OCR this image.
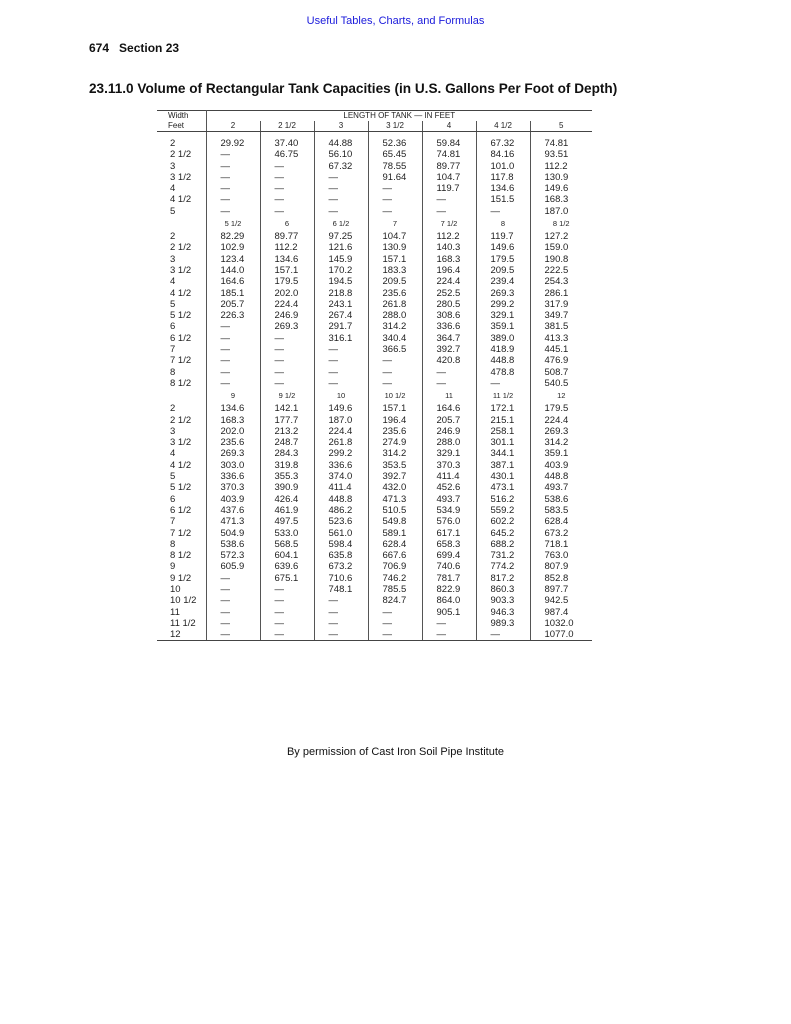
Useful Tables, Charts, and Formulas
674 Section 23
23.11.0 Volume of Rectangular Tank Capacities (in U.S. Gallons Per Foot of Depth)
Width	LENGTH OF TANK — IN FEET						
Feet	2	2 1/2	3	3 1/2	4	4 1/2	5

2	29.92	37.40	44.88	52.36	59.84	67.32	74.81
2 1/2	—	46.75	56.10	65.45	74.81	84.16	93.51
3	—	—	67.32	78.55	89.77	101.0	112.2
3 1/2	—	—	—	91.64	104.7	117.8	130.9
4	—	—	—	—	119.7	134.6	149.6
4 1/2	—	—	—	—	—	151.5	168.3
5	—	—	—	—	—	—	187.0
	5 1/2	6	6 1/2	7	7 1/2	8	8 1/2
2	82.29	89.77	97.25	104.7	112.2	119.7	127.2
2 1/2	102.9	112.2	121.6	130.9	140.3	149.6	159.0
3	123.4	134.6	145.9	157.1	168.3	179.5	190.8
3 1/2	144.0	157.1	170.2	183.3	196.4	209.5	222.5
4	164.6	179.5	194.5	209.5	224.4	239.4	254.3
4 1/2	185.1	202.0	218.8	235.6	252.5	269.3	286.1
5	205.7	224.4	243.1	261.8	280.5	299.2	317.9
5 1/2	226.3	246.9	267.4	288.0	308.6	329.1	349.7
6	—	269.3	291.7	314.2	336.6	359.1	381.5
6 1/2	—	—	316.1	340.4	364.7	389.0	413.3
7	—	—	—	366.5	392.7	418.9	445.1
7 1/2	—	—	—	—	420.8	448.8	476.9
8	—	—	—	—	—	478.8	508.7
8 1/2	—	—	—	—	—	—	540.5
	9	9 1/2	10	10 1/2	11	11 1/2	12
2	134.6	142.1	149.6	157.1	164.6	172.1	179.5
2 1/2	168.3	177.7	187.0	196.4	205.7	215.1	224.4
3	202.0	213.2	224.4	235.6	246.9	258.1	269.3
3 1/2	235.6	248.7	261.8	274.9	288.0	301.1	314.2
4	269.3	284.3	299.2	314.2	329.1	344.1	359.1
4 1/2	303.0	319.8	336.6	353.5	370.3	387.1	403.9
5	336.6	355.3	374.0	392.7	411.4	430.1	448.8
5 1/2	370.3	390.9	411.4	432.0	452.6	473.1	493.7
6	403.9	426.4	448.8	471.3	493.7	516.2	538.6
6 1/2	437.6	461.9	486.2	510.5	534.9	559.2	583.5
7	471.3	497.5	523.6	549.8	576.0	602.2	628.4
7 1/2	504.9	533.0	561.0	589.1	617.1	645.2	673.2
8	538.6	568.5	598.4	628.4	658.3	688.2	718.1
8 1/2	572.3	604.1	635.8	667.6	699.4	731.2	763.0
9	605.9	639.6	673.2	706.9	740.6	774.2	807.9
9 1/2	—	675.1	710.6	746.2	781.7	817.2	852.8
10	—	—	748.1	785.5	822.9	860.3	897.7
10 1/2	—	—	—	824.7	864.0	903.3	942.5
11	—	—	—	—	905.1	946.3	987.4
11 1/2	—	—	—	—	—	989.3	1032.0
12	—	—	—	—	—	—	1077.0
By permission of Cast Iron Soil Pipe Institute
